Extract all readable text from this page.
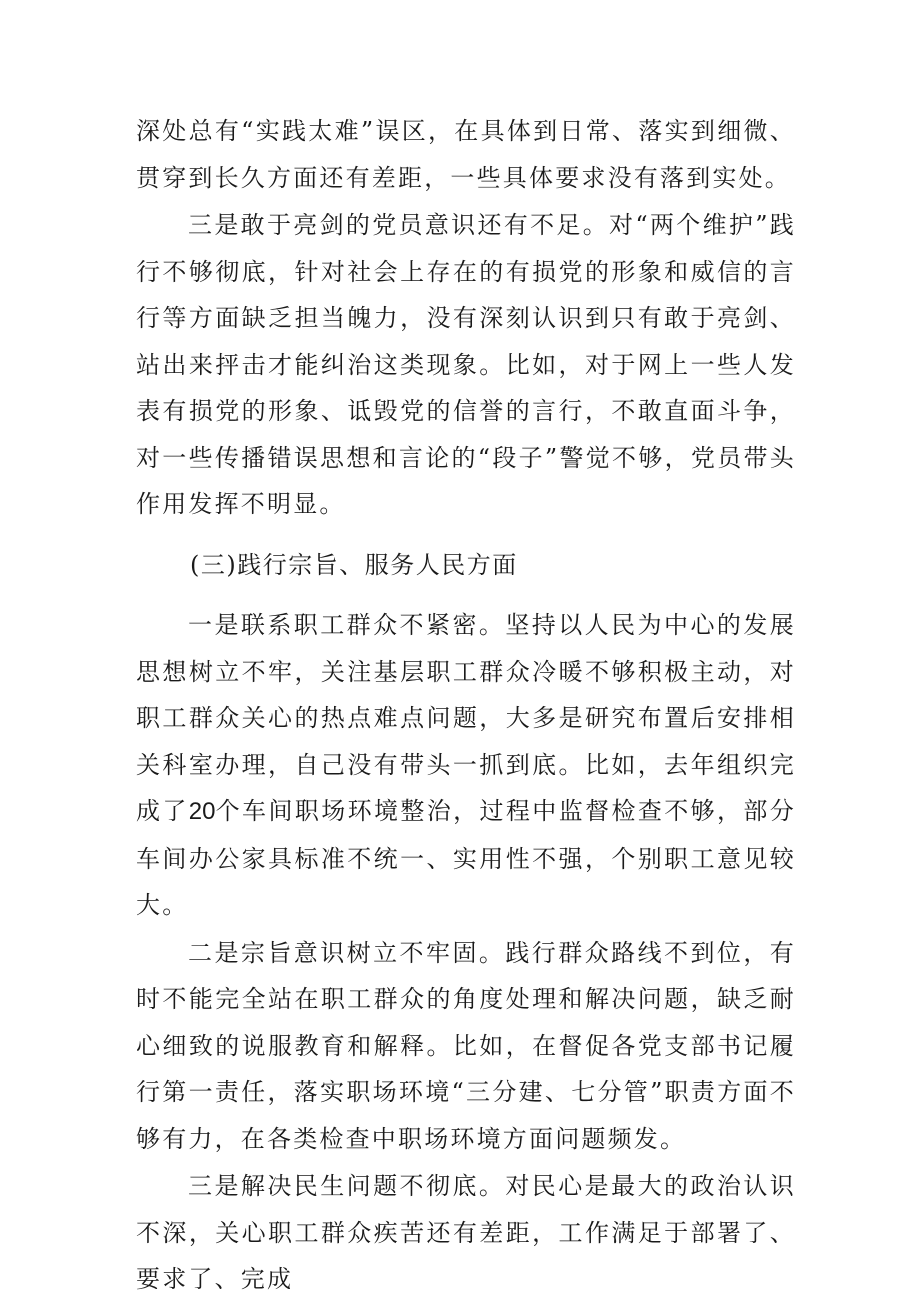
深处总有“实践太难”误区，在具体到日常、落实到细微、贯穿到长久方面还有差距，一些具体要求没有落到实处。

三是敢于亮剑的党员意识还有不足。对“两个维护”践行不够彻底，针对社会上存在的有损党的形象和威信的言行等方面缺乏担当魄力，没有深刻认识到只有敢于亮剑、站出来抨击才能纠治这类现象。比如，对于网上一些人发表有损党的形象、诋毁党的信誉的言行，不敢直面斗争，对一些传播错误思想和言论的“段子”警觉不够，党员带头作用发挥不明显。

(三)践行宗旨、服务人民方面

一是联系职工群众不紧密。坚持以人民为中心的发展思想树立不牢，关注基层职工群众冷暖不够积极主动，对职工群众关心的热点难点问题，大多是研究布置后安排相关科室办理，自己没有带头一抓到底。比如，去年组织完成了20个车间职场环境整治，过程中监督检查不够，部分车间办公家具标准不统一、实用性不强，个别职工意见较大。

二是宗旨意识树立不牢固。践行群众路线不到位，有时不能完全站在职工群众的角度处理和解决问题，缺乏耐心细致的说服教育和解释。比如，在督促各党支部书记履行第一责任，落实职场环境“三分建、七分管”职责方面不够有力，在各类检查中职场环境方面问题频发。

三是解决民生问题不彻底。对民心是最大的政治认识不深，关心职工群众疾苦还有差距，工作满足于部署了、要求了、完成
